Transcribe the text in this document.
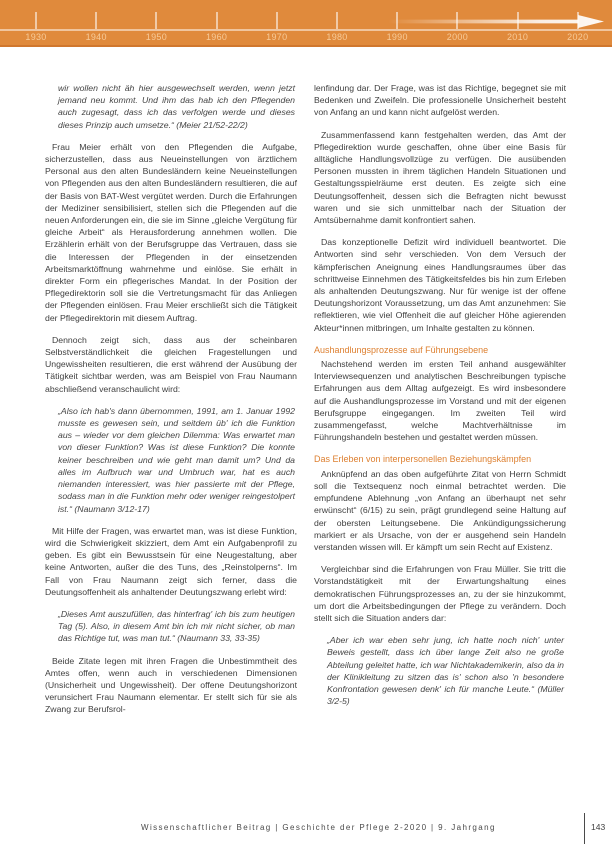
1930	1940	1950	1960	1970	1980	1990	2000	2010	2020
wir wollen nicht äh hier ausgewechselt werden, wenn jetzt jemand neu kommt. Und ihm das hab ich den Pflegenden auch zugesagt, dass ich das verfolgen werde und dieses dieses Prinzip auch umsetze.“ (Meier 21/52-22/2)
Frau Meier erhält von den Pflegenden die Aufgabe, sicherzustellen, dass aus Neueinstellungen von ärztlichem Personal aus den alten Bundesländern keine Neueinstellungen von Pflegenden aus den alten Bundesländern resultieren, die auf der Basis von BAT-West vergütet werden. Durch die Erfahrungen der Mediziner sensibilisiert, stellen sich die Pflegenden auf die neuen Anforderungen ein, die sie im Sinne „gleiche Vergütung für gleiche Arbeit“ als Herausforderung annehmen wollen. Die Erzählerin erhält von der Berufsgruppe das Vertrauen, dass sie die Interessen der Pflegenden in der einsetzenden Arbeitsmarktöffnung wahrnehme und einlöse. Sie erhält in direkter Form ein pflegerisches Mandat. In der Position der Pflegedirektorin soll sie die Vertretungsmacht für das Anliegen der Pflegenden einlösen. Frau Meier erschließt sich die Tätigkeit der Pflegedirektorin mit diesem Auftrag.
Dennoch zeigt sich, dass aus der scheinbaren Selbstverständlichkeit die gleichen Fragestellungen und Ungewissheiten resultieren, die erst während der Ausübung der Tätigkeit sichtbar werden, was am Beispiel von Frau Naumann abschließend veranschaulicht wird:
„Also ich hab's dann übernommen, 1991, am 1. Januar 1992 musste es gewesen sein, und seitdem üb' ich die Funktion aus – wieder vor dem gleichen Dilemma: Was erwartet man von dieser Funktion? Was ist diese Funktion? Die konnte keiner beschreiben und wie geht man damit um? Und da alles im Aufbruch war und Umbruch war, hat es auch niemanden interessiert, was hier passierte mit der Pflege, sodass man in die Funktion mehr oder weniger reingestolpert ist.“ (Naumann 3/12-17)
Mit Hilfe der Fragen, was erwartet man, was ist diese Funktion, wird die Schwierigkeit skizziert, dem Amt ein Aufgabenprofil zu geben. Es gibt ein Bewusstsein für eine Neugestaltung, aber keine Antworten, außer die des Tuns, des „Reinstolperns“. Im Fall von Frau Naumann zeigt sich ferner, dass die Deutungsoffenheit als anhaltender Deutungszwang erlebt wird:
„Dieses Amt auszufüllen, das hinterfrag' ich bis zum heutigen Tag (5). Also, in diesem Amt bin ich mir nicht sicher, ob man das Richtige tut, was man tut.“ (Naumann 33, 33-35)
Beide Zitate legen mit ihren Fragen die Unbestimmtheit des Amtes offen, wenn auch in verschiedenen Dimensionen (Unsicherheit und Ungewissheit). Der offene Deutungshorizont verunsichert Frau Naumann elementar. Er stellt sich für sie als Zwang zur Berufsrol-
lenfindung dar. Der Frage, was ist das Richtige, begegnet sie mit Bedenken und Zweifeln. Die professionelle Unsicherheit besteht von Anfang an und kann nicht aufgelöst werden.
Zusammenfassend kann festgehalten werden, das Amt der Pflegedirektion wurde geschaffen, ohne über eine Basis für alltägliche Handlungsvollzüge zu verfügen. Die ausübenden Personen mussten in ihrem täglichen Handeln Situationen und Gestaltungsspielräume erst deuten. Es zeigte sich eine Deutungsoffenheit, dessen sich die Befragten nicht bewusst waren und sie sich unmittelbar nach der Situation der Amtsübernahme damit konfrontiert sahen.
Das konzeptionelle Defizit wird individuell beantwortet. Die Antworten sind sehr verschieden. Von dem Versuch der kämpferischen Aneignung eines Handlungsraumes über das schrittweise Einnehmen des Tätigkeitsfeldes bis hin zum Erleben als anhaltenden Deutungszwang. Nur für wenige ist der offene Deutungshorizont Voraussetzung, um das Amt anzunehmen: Sie reflektieren, wie viel Offenheit die auf gleicher Höhe agierenden Akteur*innen mitbringen, um Inhalte gestalten zu können.
Aushandlungsprozesse auf Führungsebene
Nachstehend werden im ersten Teil anhand ausgewählter Interviewsequenzen und analytischen Beschreibungen typische Erfahrungen aus dem Alltag aufgezeigt. Es wird insbesondere auf die Aushandlungsprozesse im Vorstand und mit der eigenen Berufsgruppe eingegangen. Im zweiten Teil wird zusammengefasst, welche Machtverhältnisse im Führungshandeln bestehen und gestaltet werden müssen.
Das Erleben von interpersonellen Beziehungskämpfen
Anknüpfend an das oben aufgeführte Zitat von Herrn Schmidt soll die Textsequenz noch einmal betrachtet werden. Die empfundene Ablehnung „von Anfang an überhaupt net sehr erwünscht“ (6/15) zu sein, prägt grundlegend seine Haltung auf der obersten Leitungsebene. Die Ankündigungssicherung markiert er als Ursache, von der er ausgehend sein Handeln verstanden wissen will. Er kämpft um sein Recht auf Existenz.
Vergleichbar sind die Erfahrungen von Frau Müller. Sie tritt die Vorstandstätigkeit mit der Erwartungshaltung eines demokratischen Führungsprozesses an, zu der sie hinzukommt, um dort die Arbeitsbedingungen der Pflege zu verändern. Doch stellt sich die Situation anders dar:
„Aber ich war eben sehr jung, ich hatte noch nich' unter Beweis gestellt, dass ich über lange Zeit also ne große Abteilung geleitet hatte, ich war Nichtakademikerin, also da in der Klinikleitung zu sitzen das is' schon also 'n besondere Konfrontation gewesen denk' ich für manche Leute.“ (Müller 3/2-5)
Wissenschaftlicher Beitrag | Geschichte der Pflege 2-2020 | 9. Jahrgang	143
